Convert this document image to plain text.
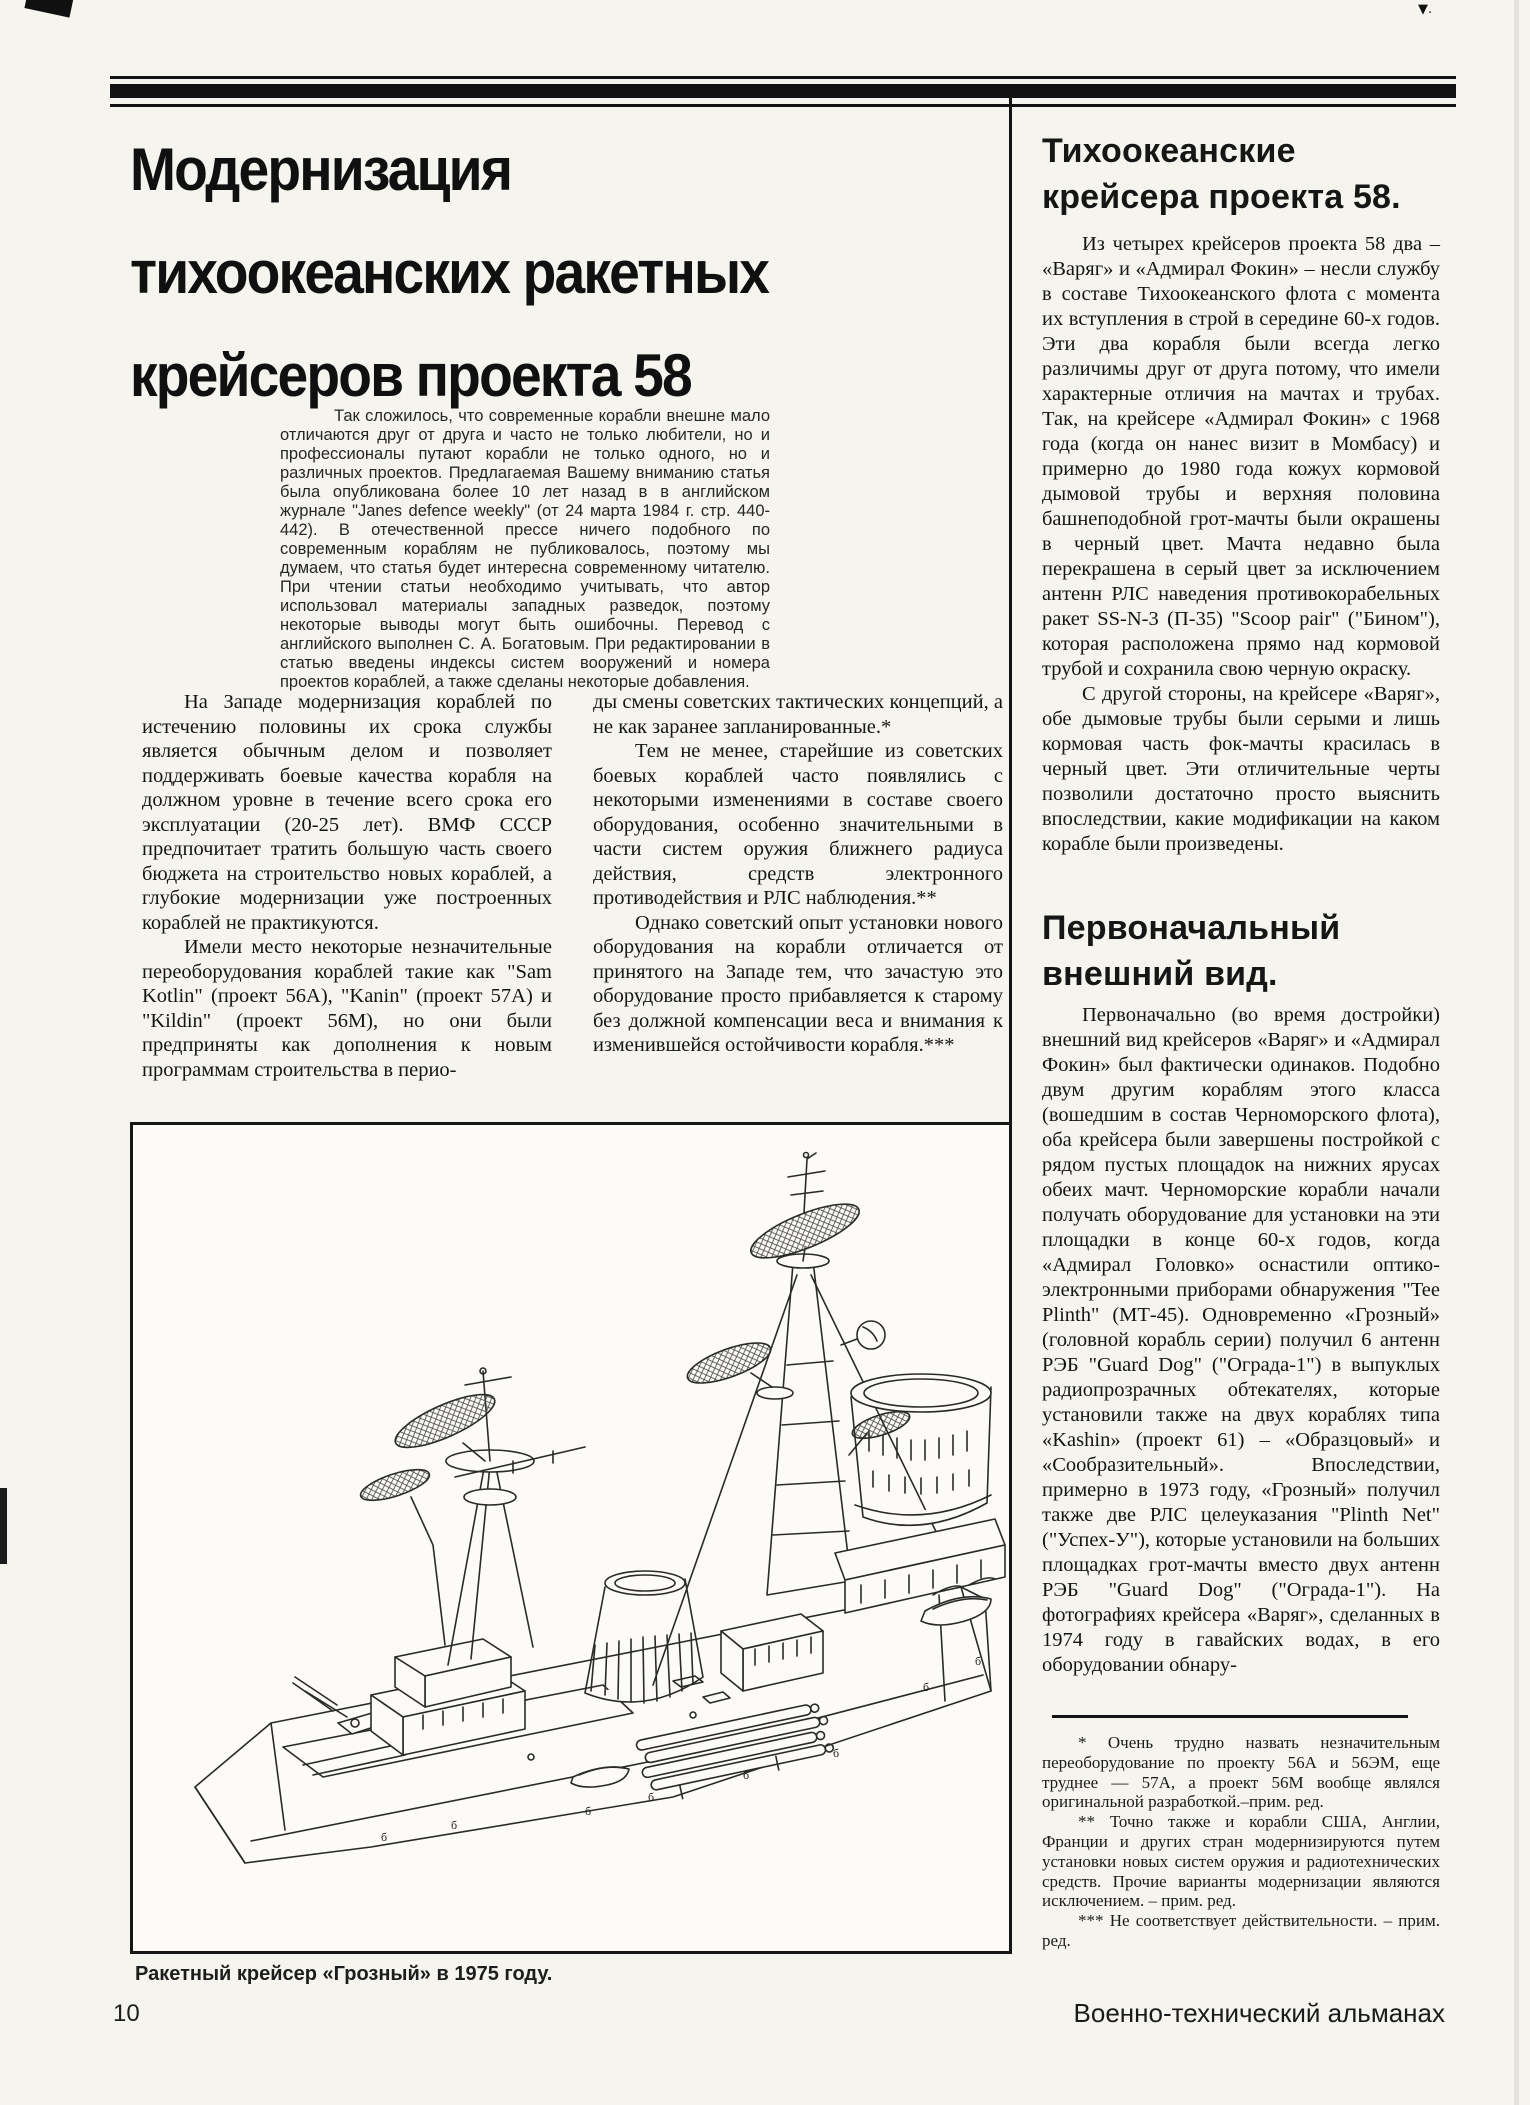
▼.
Модернизация
тихоокеанских ракетных
крейсеров проекта 58
Так сложилось, что современные корабли внешне мало отличаются друг от друга и часто не только любители, но и профессионалы путают корабли не только одного, но и различных проектов. Предлагаемая Вашему вниманию статья была опубликована более 10 лет назад в в английском журнале "Janes defence weekly" (от 24 марта 1984 г. стр. 440-442). В отечественной прессе ничего подобного по современным кораблям не публиковалось, поэтому мы думаем, что статья будет интересна современному читателю. При чтении статьи необходимо учитывать, что автор использовал материалы западных разведок, поэтому некоторые выводы могут быть ошибочны. Перевод с английского выполнен С. А. Богатовым. При редактировании в статью введены индексы систем вооружений и номера проектов кораблей, а также сделаны некоторые добавления.

На Западе модернизация кораблей по истечению половины их срока службы является обычным делом и позволяет поддерживать боевые качества корабля на должном уровне в течение всего срока его эксплуатации (20-25 лет). ВМФ СССР предпочитает тратить большую часть своего бюджета на строительство новых кораблей, а глубокие модернизации уже построенных кораблей не практикуются.

Имели место некоторые незначительные переоборудования кораблей такие как "Sam Kotlin" (проект 56А), "Kanin" (проект 57А) и "Kildin" (проект 56М), но они были предприняты как дополнения к новым программам строительства в перио-

ды смены советских тактических концепций, а не как заранее запланированные.*

Тем не менее, старейшие из советских боевых кораблей часто появлялись с некоторыми изменениями в составе своего оборудования, особенно значительными в части систем оружия ближнего радиуса действия, средств электронного противодействия и РЛС наблюдения.**

Однако советский опыт установки нового оборудования на корабли отличается от принятого на Западе тем, что зачастую это оборудование просто прибавляется к старому без должной компенсации веса и внимания к изменившейся остойчивости корабля.***

Тихоокеанские крейсера проекта 58.

Из четырех крейсеров проекта 58 два – «Варяг» и «Адмирал Фокин» – несли службу в составе Тихоокеанского флота с момента их вступления в строй в середине 60-х годов. Эти два корабля были всегда легко различимы друг от друга потому, что имели характерные отличия на мачтах и трубах. Так, на крейсере «Адмирал Фокин» с 1968 года (когда он нанес визит в Момбасу) и примерно до 1980 года кожух кормовой дымовой трубы и верхняя половина башнеподобной грот-мачты были окрашены в черный цвет. Мачта недавно была перекрашена в серый цвет за исключением антенн РЛС наведения противокорабельных ракет SS-N-3 (П-35) "Scoop pair" ("Бином"), которая расположена прямо над кормовой трубой и сохранила свою черную окраску.

С другой стороны, на крейсере «Варяг», обе дымовые трубы были серыми и лишь кормовая часть фок-мачты красилась в черный цвет. Эти отличительные черты позволили достаточно просто выяснить впоследствии, какие модификации на каком корабле были произведены.

Первоначальный внешний вид.

Первоначально (во время достройки) внешний вид крейсеров «Варяг» и «Адмирал Фокин» был фактически одинаков. Подобно двум другим кораблям этого класса (вошедшим в состав Черноморского флота), оба крейсера были завершены постройкой с рядом пустых площадок на нижних ярусах обеих мачт. Черноморские корабли начали получать оборудование для установки на эти площадки в конце 60-х годов, когда «Адмирал Головко» оснастили оптико-электронными приборами обнаружения "Tee Plinth" (МТ-45). Одновременно «Грозный» (головной корабль серии) получил 6 антенн РЭБ "Guard Dog" ("Ограда-1") в выпуклых радиопрозрачных обтекателях, которые установили также на двух кораблях типа «Kashin» (проект 61) – «Образцовый» и «Сообразительный». Впоследствии, примерно в 1973 году, «Грозный» получил также две РЛС целеуказания "Plinth Net" ("Успех-У"), которые установили на больших площадках грот-мачты вместо двух антенн РЭБ "Guard Dog" ("Ограда-1"). На фотографиях крейсера «Варяг», сделанных в 1974 году в гавайских водах, в его оборудовании обнару-

* Очень трудно назвать незначительным переоборудование по проекту 56А и 56ЭМ, еще труднее — 57А, а проект 56М вообще являлся оригинальной разработкой.–прим. ред.

** Точно также и корабли США, Англии, Франции и других стран модернизируются путем установки новых систем оружия и радиотехнических средств. Прочие варианты модернизации являются исключением. – прим. ред.

*** Не соответствует действительности. – прим. ред.

б
б
б
б
б
б
б
б
Ракетный крейсер «Грозный» в 1975 году.
10	Военно-технический альманах
